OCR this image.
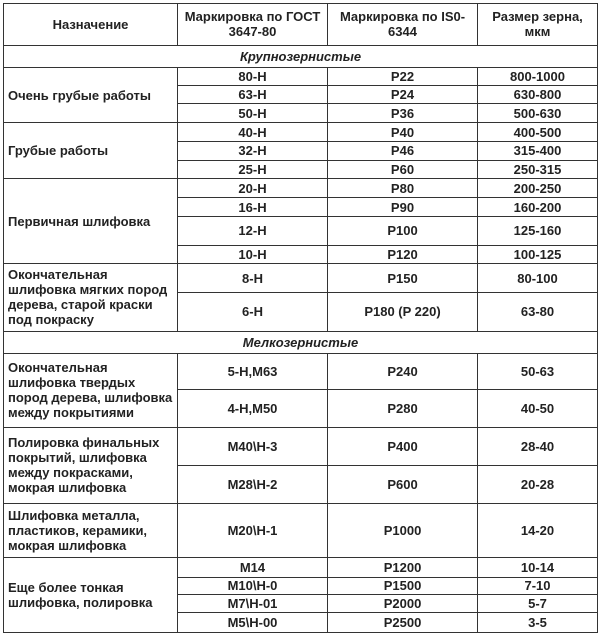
Назначение	Маркировка по ГОСТ 3647-80	Маркировка по IS0-6344	Размер зерна, мкм
Крупнозернистые			
Очень грубые работы	80-Н	P22	800-1000
	63-Н	P24	630-800
	50-Н	P36	500-630
Грубые работы	40-Н	P40	400-500
	32-Н	P46	315-400
	25-Н	P60	250-315
Первичная шлифовка	20-Н	P80	200-250
	16-Н	P90	160-200
	12-Н	P100	125-160
	10-Н	P120	100-125
Окончательная шлифовка мягких пород дерева, старой краски под покраску	8-Н	P150	80-100
	6-Н	P180 (P 220)	63-80
Мелкозернистые			
Окончательная шлифовка твердых пород дерева, шлифовка между покрытиями	5-Н,М63	P240	50-63
	4-Н,М50	P280	40-50
Полировка финальных покрытий, шлифовка между покрасками, мокрая шлифовка	М40\Н-3	P400	28-40
	М28\Н-2	P600	20-28
Шлифовка металла, пластиков, керамики, мокрая шлифовка	М20\Н-1	P1000	14-20
Еще более тонкая шлифовка, полировка	М14	P1200	10-14
	М10\Н-0	P1500	7-10
	М7\Н-01	P2000	5-7
	М5\Н-00	P2500	3-5
